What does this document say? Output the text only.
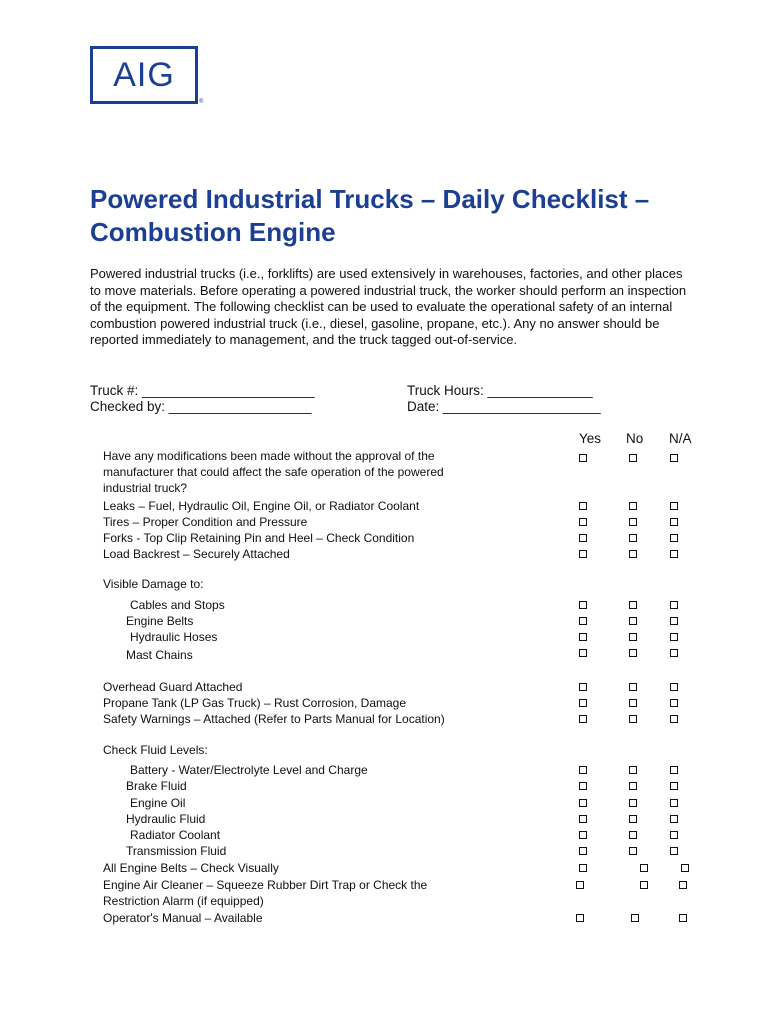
AIG
®
Powered Industrial Trucks – Daily Checklist – Combustion Engine

Powered industrial trucks (i.e., forklifts) are used extensively in warehouses, factories, and other places to move materials. Before operating a powered industrial truck, the worker should perform an inspection of the equipment. The following checklist can be used to evaluate the operational safety of an internal combustion powered industrial truck (i.e., diesel, gasoline, propane, etc.). Any no answer should be reported immediately to management, and the truck tagged out-of-service.

Truck #: _______________________
Checked by: ___________________
Truck Hours: ______________
Date: _____________________
Yes No N/A
Have any modifications been made without the approval of the manufacturer that could affect the safe operation of the powered industrial truck?
Leaks – Fuel, Hydraulic Oil, Engine Oil, or Radiator Coolant
Tires – Proper Condition and Pressure
Forks - Top Clip Retaining Pin and Heel – Check Condition
Load Backrest – Securely Attached
Visible Damage to:
Cables and Stops
Engine Belts
Hydraulic Hoses
Mast Chains
Overhead Guard Attached
Propane Tank (LP Gas Truck) – Rust Corrosion, Damage
Safety Warnings – Attached (Refer to Parts Manual for Location)
Check Fluid Levels:
Battery - Water/Electrolyte Level and Charge
Brake Fluid
Engine Oil
Hydraulic Fluid
Radiator Coolant
Transmission Fluid
All Engine Belts – Check Visually
Engine Air Cleaner – Squeeze Rubber Dirt Trap or Check the Restriction Alarm (if equipped)
Operator's Manual – Available
